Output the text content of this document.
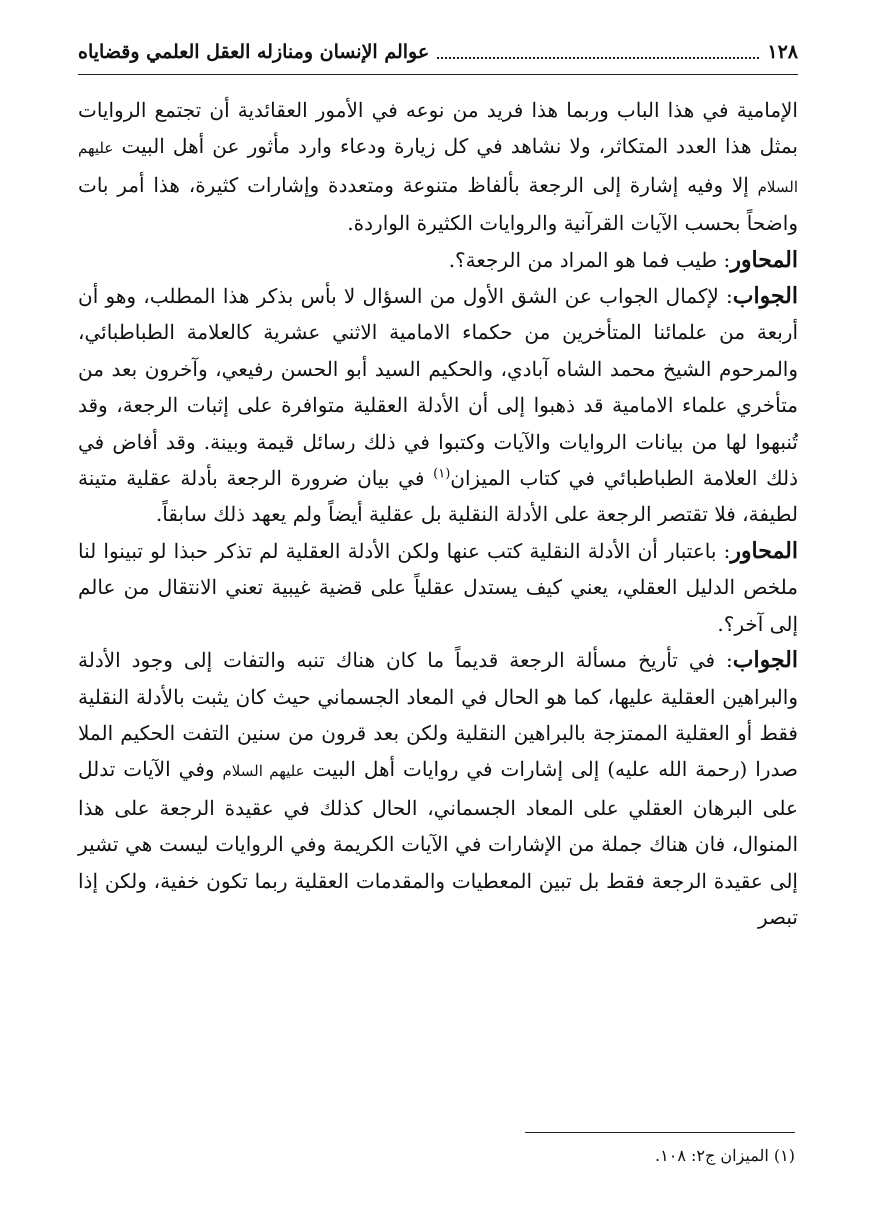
١٢٨
عوالم الإنسان ومنازله العقل العلمي وقضاياه

الإمامية في هذا الباب وربما هذا فريد من نوعه في الأمور العقائدية أن تجتمع الروايات بمثل هذا العدد المتكاثر، ولا نشاهد في كل زيارة ودعاء وارد مأثور عن أهل البيت عليهم السلام إلا وفيه إشارة إلى الرجعة بألفاظ متنوعة ومتعددة وإشارات كثيرة، هذا أمر بات واضحاً بحسب الآيات القرآنية والروايات الكثيرة الواردة.

المحاور: طيب فما هو المراد من الرجعة؟.

الجواب: لإكمال الجواب عن الشق الأول من السؤال لا بأس بذكر هذا المطلب، وهو أن أربعة من علمائنا المتأخرين من حكماء الامامية الاثني عشرية كالعلامة الطباطبائي، والمرحوم الشيخ محمد الشاه آبادي، والحكيم السيد أبو الحسن رفيعي، وآخرون بعد من متأخري علماء الامامية قد ذهبوا إلى أن الأدلة العقلية متوافرة على إثبات الرجعة، وقد تُنبهوا لها من بيانات الروايات والآيات وكتبوا في ذلك رسائل قيمة وبينة. وقد أفاض في ذلك العلامة الطباطبائي في كتاب الميزان$^{(١)}$ في بيان ضرورة الرجعة بأدلة عقلية متينة لطيفة، فلا تقتصر الرجعة على الأدلة النقلية بل عقلية أيضاً ولم يعهد ذلك سابقاً.

المحاور: باعتبار أن الأدلة النقلية كتب عنها ولكن الأدلة العقلية لم تذكر حبذا لو تبينوا لنا ملخص الدليل العقلي، يعني كيف يستدل عقلياً على قضية غيبية تعني الانتقال من عالم إلى آخر؟.

الجواب: في تأريخ مسألة الرجعة قديماً ما كان هناك تنبه والتفات إلى وجود الأدلة والبراهين العقلية عليها، كما هو الحال في المعاد الجسماني حيث كان يثبت بالأدلة النقلية فقط أو العقلية الممتزجة بالبراهين النقلية ولكن بعد قرون من سنين التفت الحكيم الملا صدرا (رحمة الله عليه) إلى إشارات في روايات أهل البيت عليهم السلام وفي الآيات تدلل على البرهان العقلي على المعاد الجسماني، الحال كذلك في عقيدة الرجعة على هذا المنوال، فان هناك جملة من الإشارات في الآيات الكريمة وفي الروايات ليست هي تشير إلى عقيدة الرجعة فقط بل تبين المعطيات والمقدمات العقلية ربما تكون خفية، ولكن إذا تبصر

(١) الميزان ج٢: ١٠٨.
